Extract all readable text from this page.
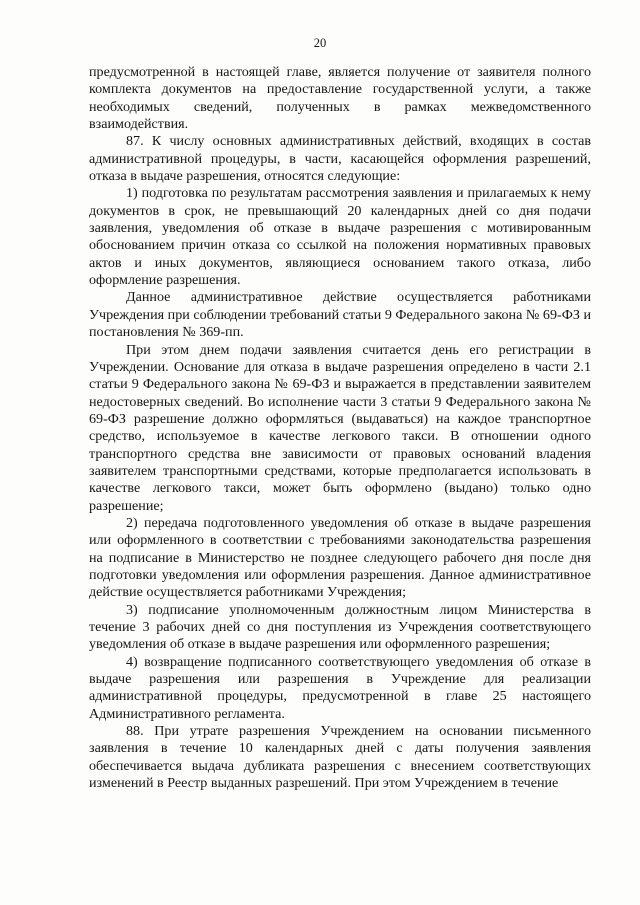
20

предусмотренной в настоящей главе, является получение от заявителя полного комплекта документов на предоставление государственной услуги, а также необходимых сведений, полученных в рамках межведомственного взаимодействия.

87. К числу основных административных действий, входящих в состав административной процедуры, в части, касающейся оформления разрешений, отказа в выдаче разрешения, относятся следующие:

1) подготовка по результатам рассмотрения заявления и прилагаемых к нему документов в срок, не превышающий 20 календарных дней со дня подачи заявления, уведомления об отказе в выдаче разрешения с мотивированным обоснованием причин отказа со ссылкой на положения нормативных правовых актов и иных документов, являющиеся основанием такого отказа, либо оформление разрешения.

Данное административное действие осуществляется работниками Учреждения при соблюдении требований статьи 9 Федерального закона № 69-ФЗ и постановления № 369-пп.

При этом днем подачи заявления считается день его регистрации в Учреждении. Основание для отказа в выдаче разрешения определено в части 2.1 статьи 9 Федерального закона № 69-ФЗ и выражается в представлении заявителем недостоверных сведений. Во исполнение части 3 статьи 9 Федерального закона № 69-ФЗ разрешение должно оформляться (выдаваться) на каждое транспортное средство, используемое в качестве легкового такси. В отношении одного транспортного средства вне зависимости от правовых оснований владения заявителем транспортными средствами, которые предполагается использовать в качестве легкового такси, может быть оформлено (выдано) только одно разрешение;

2) передача подготовленного уведомления об отказе в выдаче разрешения или оформленного в соответствии с требованиями законодательства разрешения на подписание в Министерство не позднее следующего рабочего дня после дня подготовки уведомления или оформления разрешения. Данное административное действие осуществляется работниками Учреждения;

3) подписание уполномоченным должностным лицом Министерства в течение 3 рабочих дней со дня поступления из Учреждения соответствующего уведомления об отказе в выдаче разрешения или оформленного разрешения;

4) возвращение подписанного соответствующего уведомления об отказе в выдаче разрешения или разрешения в Учреждение для реализации административной процедуры, предусмотренной в главе 25 настоящего Административного регламента.

88. При утрате разрешения Учреждением на основании письменного заявления в течение 10 календарных дней с даты получения заявления обеспечивается выдача дубликата разрешения с внесением соответствующих изменений в Реестр выданных разрешений. При этом Учреждением в течение
